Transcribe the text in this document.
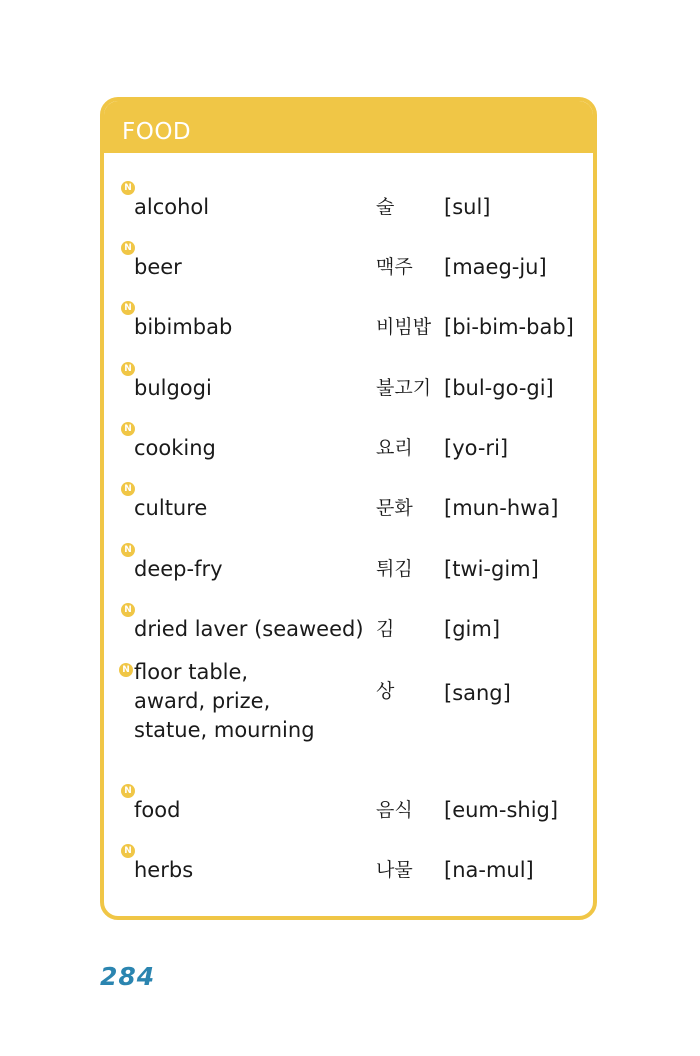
FOOD
N
alcohol	술 [sul]
N
beer	맥주 [maeg-ju]
N
bibimbab	비빔밥 [bi-bim-bab]
N
bulgogi	불고기 [bul-go-gi]
N
cooking	요리 [yo-ri]
N
culture	문화 [mun-hwa]
N
deep-fry	튀김 [twi-gim]
N
dried laver (seaweed) 김 [gim]
N floor table,
award, prize,
statue, mourning
상 [sang]
N
food	음식 [eum-shig]
N
herbs	나물 [na-mul]
284
